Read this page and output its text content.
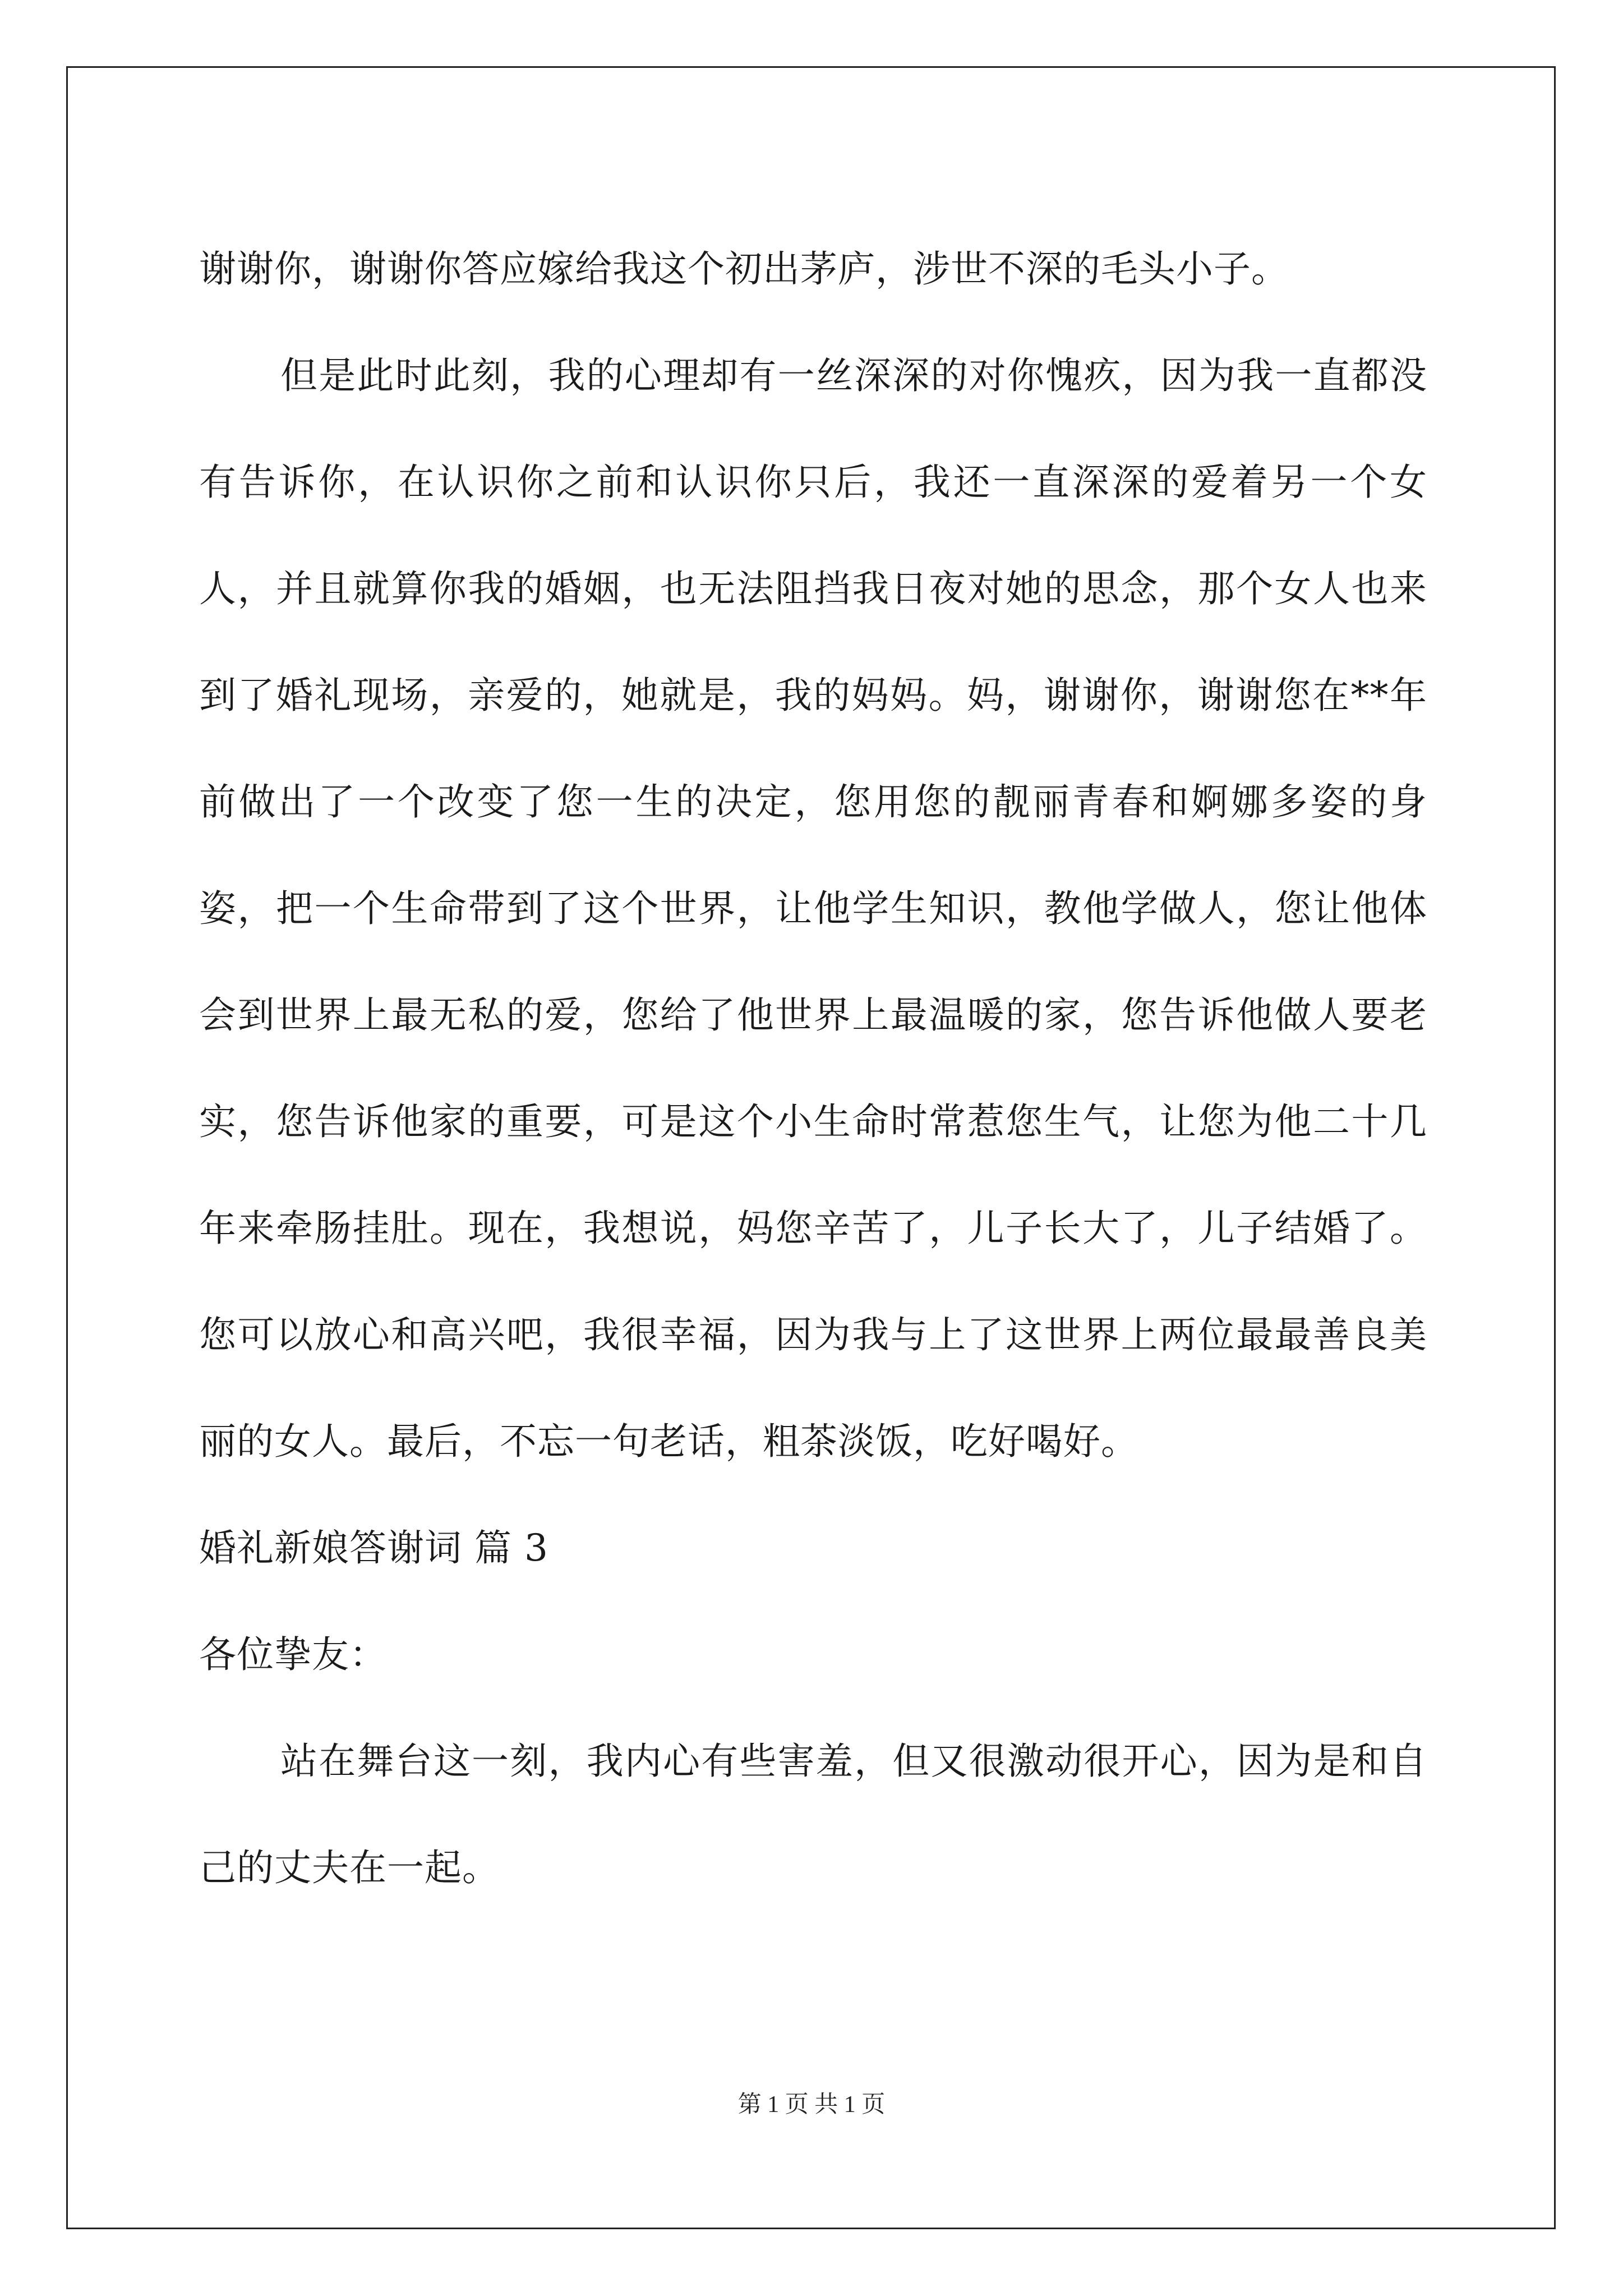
谢谢你，谢谢你答应嫁给我这个初出茅庐，涉世不深的毛头小子。

但是此时此刻，我的心理却有一丝深深的对你愧疚，因为我一直都没有告诉你，在认识你之前和认识你只后，我还一直深深的爱着另一个女人，并且就算你我的婚姻，也无法阻挡我日夜对她的思念，那个女人也来到了婚礼现场，亲爱的，她就是，我的妈妈。妈，谢谢你，谢谢您在**年前做出了一个改变了您一生的决定，您用您的靓丽青春和婀娜多姿的身姿，把一个生命带到了这个世界，让他学生知识，教他学做人，您让他体会到世界上最无私的爱，您给了他世界上最温暖的家，您告诉他做人要老实，您告诉他家的重要，可是这个小生命时常惹您生气，让您为他二十几年来牵肠挂肚。现在，我想说，妈您辛苦了，儿子长大了，儿子结婚了。您可以放心和高兴吧，我很幸福，因为我与上了这世界上两位最最善良美丽的女人。最后，不忘一句老话，粗茶淡饭，吃好喝好。

婚礼新娘答谢词 篇 3

各位挚友：

站在舞台这一刻，我内心有些害羞，但又很激动很开心，因为是和自己的丈夫在一起。

第 1 页 共 1 页
